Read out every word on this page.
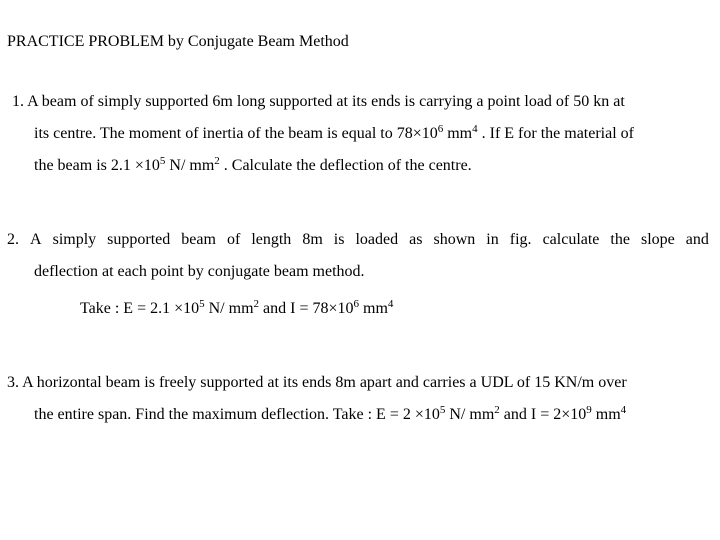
PRACTICE PROBLEM by Conjugate Beam Method
1. A beam of simply supported 6m long supported at its ends is carrying a point load of 50 kn at
its centre. The moment of inertia of the beam is equal to $78\times 10^6$ $mm^4$ . If E for the material of
the beam is $2.1 \times 10^5$ N/ $mm^2$ . Calculate the deflection of the centre.
2. A simply supported beam of length 8m is loaded as shown in fig. calculate the slope and
deflection at each point by conjugate beam method.
Take : $E = 2.1 \times 10^5$ N/ $mm^2$ and $I = 78\times 10^6$ $mm^4$
3. A horizontal beam is freely supported at its ends 8m apart and carries a UDL of 15 KN/m over
the entire span. Find the maximum deflection. Take : $E = 2 \times 10^5$ N/ $mm^2$ and $I = 2\times 10^9$ $mm^4$
